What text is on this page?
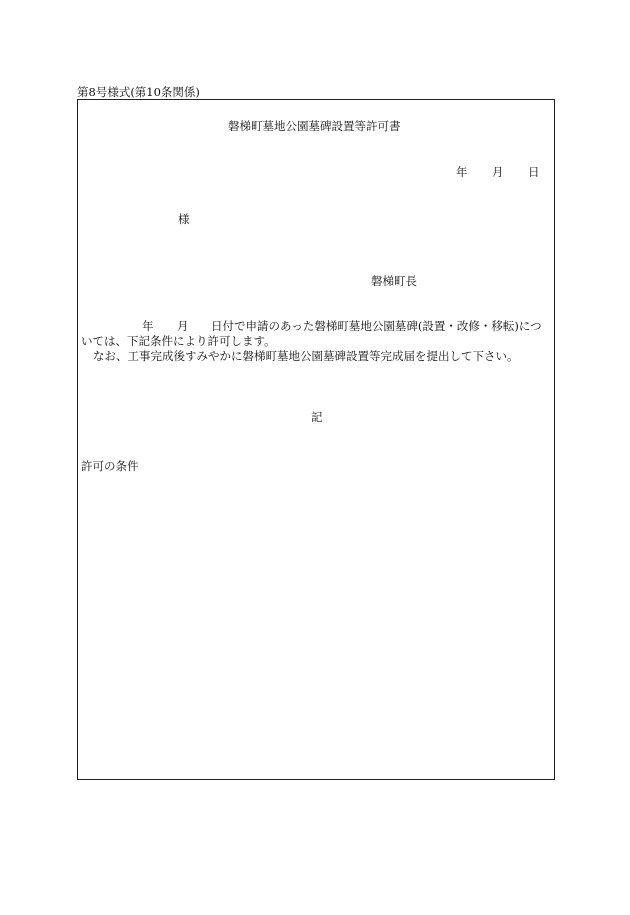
第8号様式(第10条関係)
磐梯町墓地公園墓碑設置等許可書
年 月 日
様
磐梯町長
年 月 日付で申請のあった磐梯町墓地公園墓碑(設置・改修・移転)につ
いては、下記条件により許可します。
なお、工事完成後すみやかに磐梯町墓地公園墓碑設置等完成届を提出して下さい。
記
許可の条件
